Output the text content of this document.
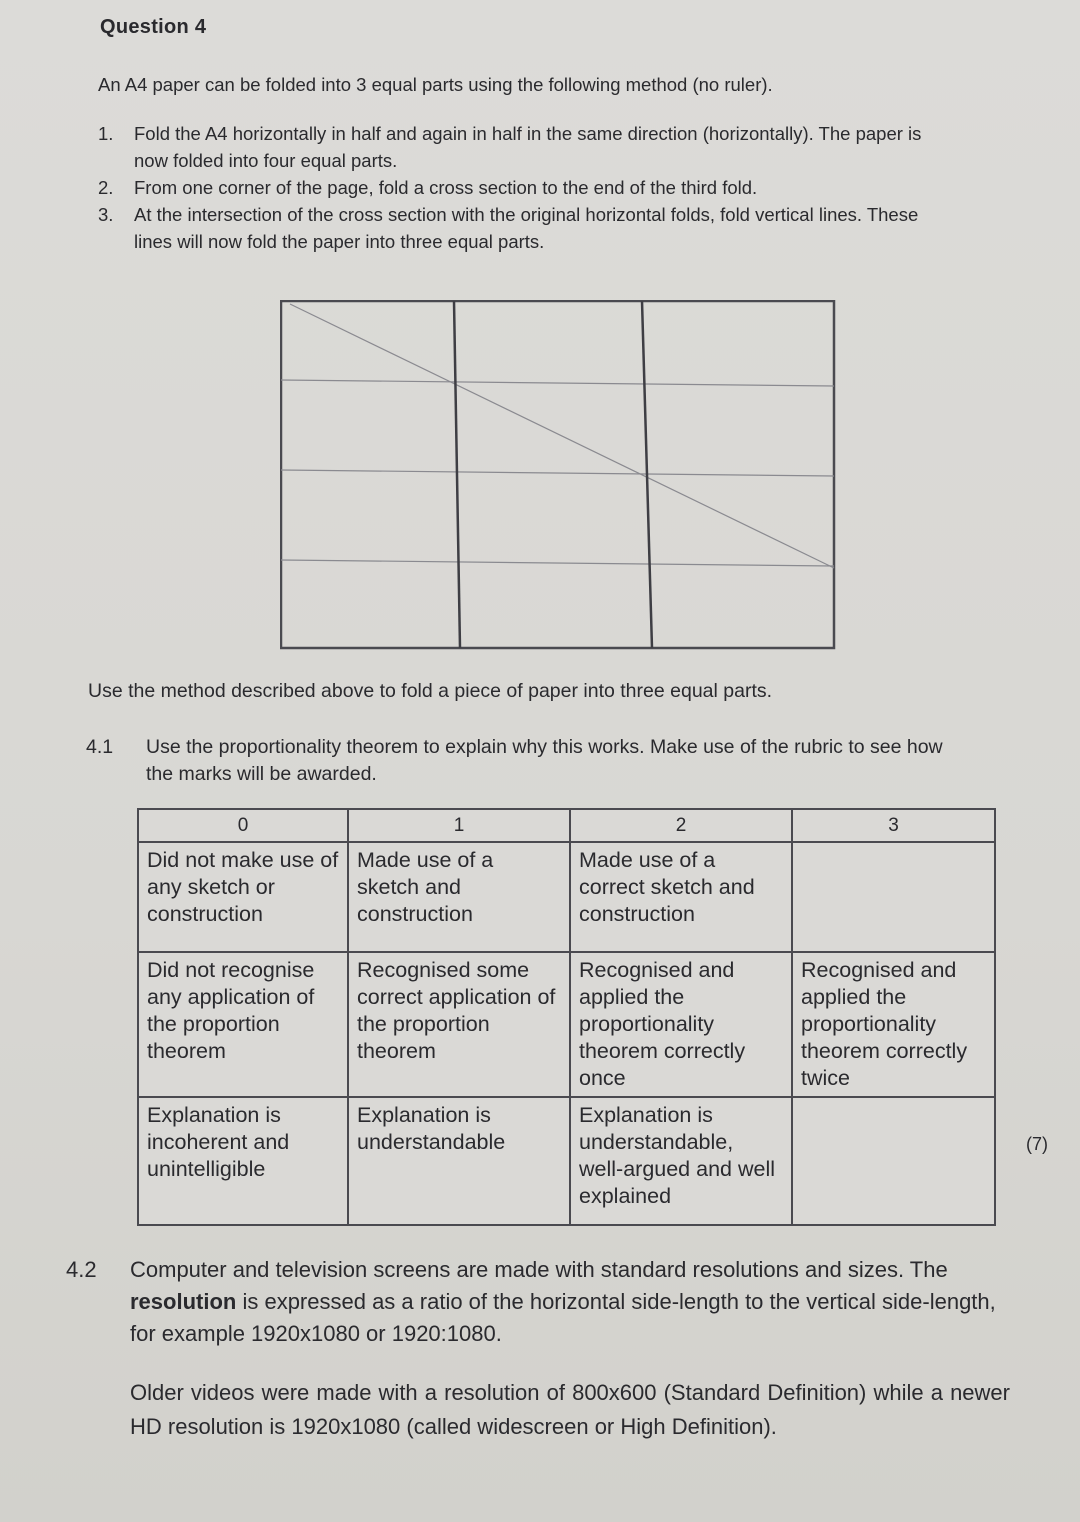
Question 4
An A4 paper can be folded into 3 equal parts using the following method (no ruler).
1. Fold the A4 horizontally in half and again in half in the same direction (horizontally). The paper is now folded into four equal parts.
2. From one corner of the page, fold a cross section to the end of the third fold.
3. At the intersection of the cross section with the original horizontal folds, fold vertical lines. These lines will now fold the paper into three equal parts.
Use the method described above to fold a piece of paper into three equal parts.
4.1 Use the proportionality theorem to explain why this works. Make use of the rubric to see how the marks will be awarded.
0	1	2	3
Did not make use of any sketch or construction	Made use of a sketch and construction	Made use of a correct sketch and construction	
Did not recognise any application of the proportion theorem	Recognised some correct application of the proportion theorem	Recognised and applied the proportionality theorem correctly once	Recognised and applied the proportionality theorem correctly twice
Explanation is incoherent and unintelligible	Explanation is understandable	Explanation is understandable, well-argued and well explained	
(7)
4.2 Computer and television screens are made with standard resolutions and sizes. The resolution is expressed as a ratio of the horizontal side-length to the vertical side-length, for example 1920x1080 or 1920:1080.
Older videos were made with a resolution of 800x600 (Standard Definition) while a newer HD resolution is 1920x1080 (called widescreen or High Definition).
